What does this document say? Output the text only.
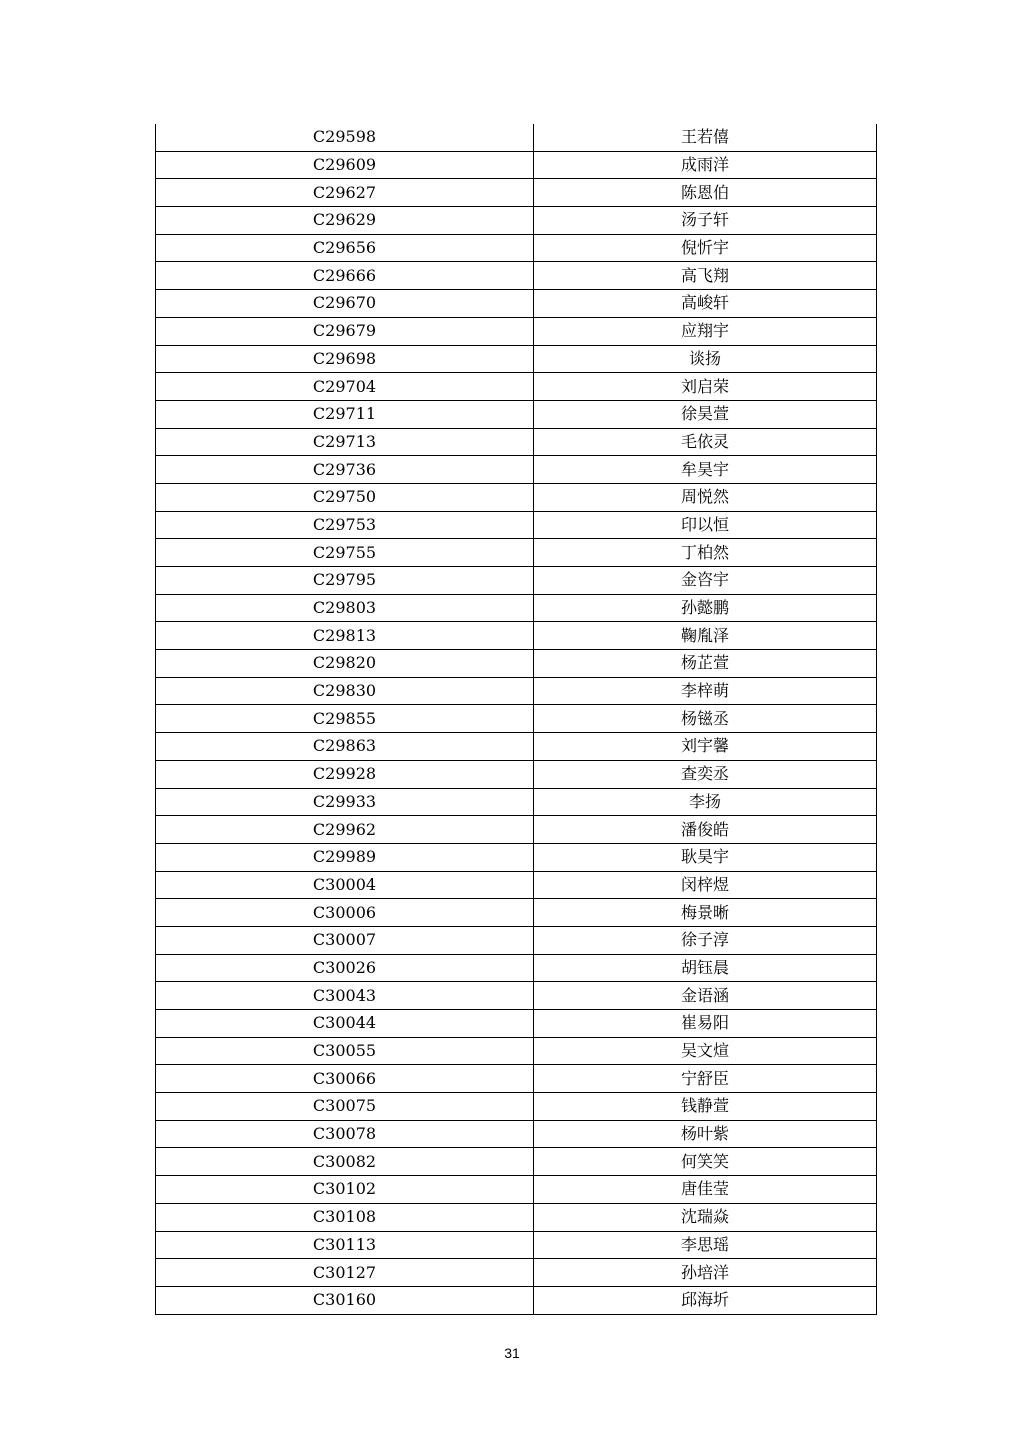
C29598	王若僖
C29609	成雨洋
C29627	陈恩伯
C29629	汤子轩
C29656	倪忻宇
C29666	高飞翔
C29670	高峻轩
C29679	应翔宇
C29698	谈扬
C29704	刘启荣
C29711	徐昊萱
C29713	毛依灵
C29736	牟昊宇
C29750	周悦然
C29753	印以恒
C29755	丁柏然
C29795	金咨宇
C29803	孙懿鹏
C29813	鞠胤泽
C29820	杨芷萱
C29830	李梓萌
C29855	杨镃丞
C29863	刘宇馨
C29928	查奕丞
C29933	李扬
C29962	潘俊皓
C29989	耿昊宇
C30004	闵梓煜
C30006	梅景晰
C30007	徐子淳
C30026	胡钰晨
C30043	金语涵
C30044	崔易阳
C30055	吴文煊
C30066	宁舒臣
C30075	钱静萱
C30078	杨叶紫
C30082	何笑笑
C30102	唐佳莹
C30108	沈瑞焱
C30113	李思瑶
C30127	孙培洋
C30160	邱海圻
31
